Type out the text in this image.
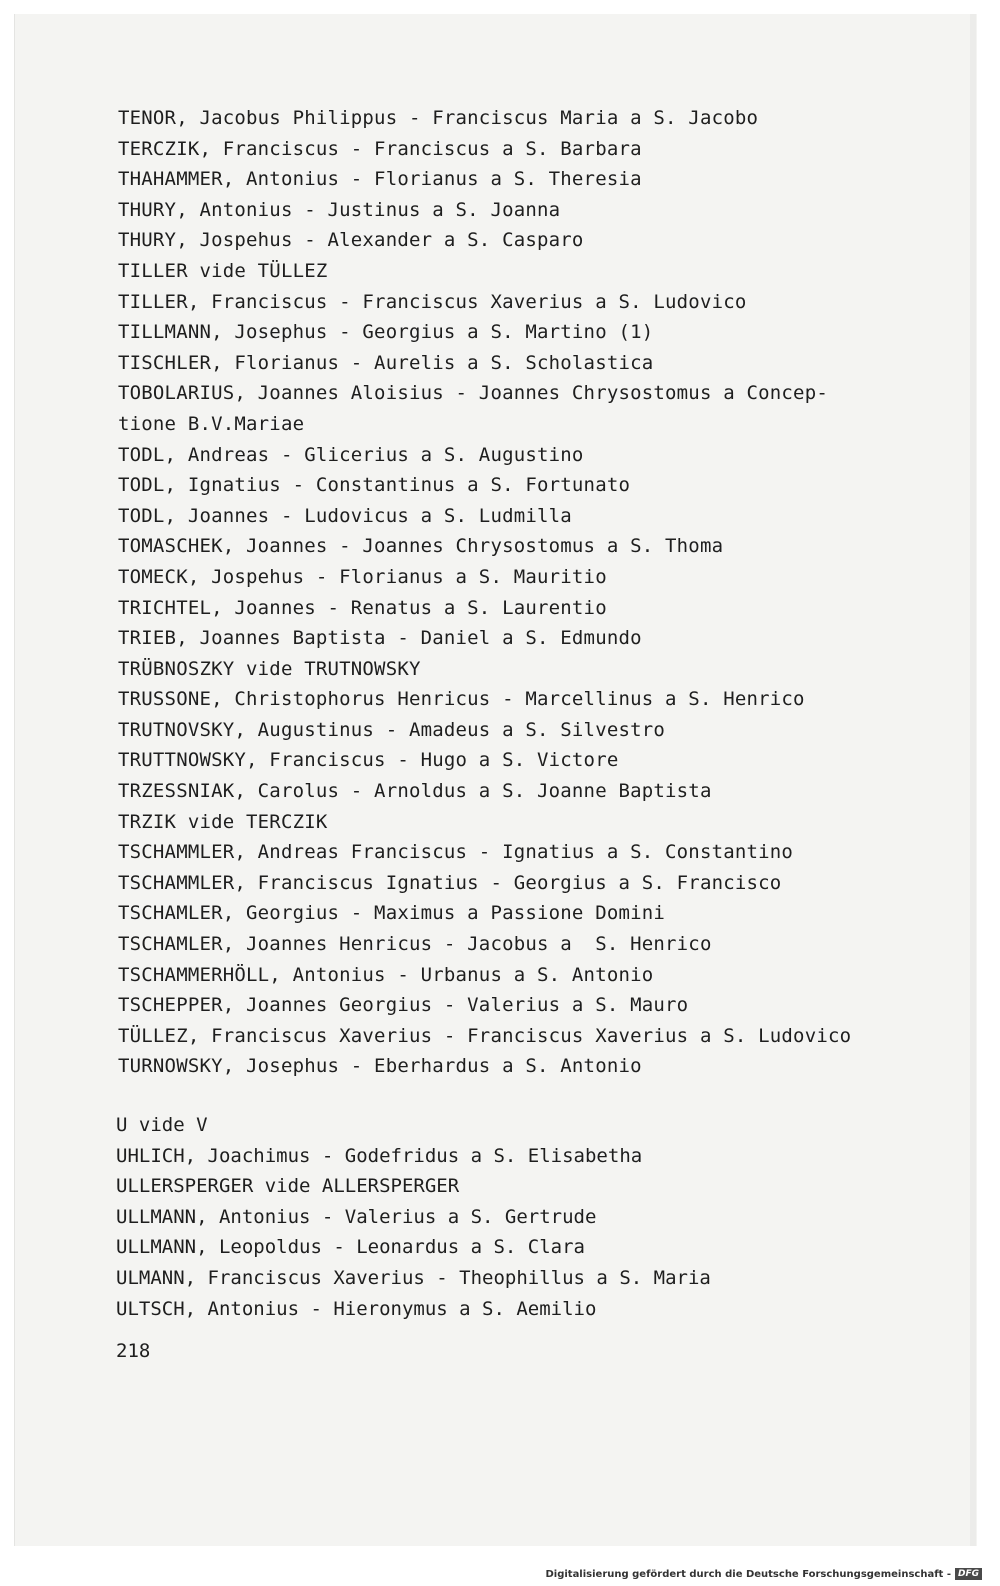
TENOR, Jacobus Philippus - Franciscus Maria a S. Jacobo
TERCZIK, Franciscus - Franciscus a S. Barbara
THAHAMMER, Antonius - Florianus a S. Theresia
THURY, Antonius - Justinus a S. Joanna
THURY, Jospehus - Alexander a S. Casparo
TILLER vide TÜLLEZ
TILLER, Franciscus - Franciscus Xaverius a S. Ludovico
TILLMANN, Josephus - Georgius a S. Martino (1)
TISCHLER, Florianus - Aurelis a S. Scholastica
TOBOLARIUS, Joannes Aloisius - Joannes Chrysostomus a Concep-
tione B.V.Mariae
TODL, Andreas - Glicerius a S. Augustino
TODL, Ignatius - Constantinus a S. Fortunato
TODL, Joannes - Ludovicus a S. Ludmilla
TOMASCHEK, Joannes - Joannes Chrysostomus a S. Thoma
TOMECK, Jospehus - Florianus a S. Mauritio
TRICHTEL, Joannes - Renatus a S. Laurentio
TRIEB, Joannes Baptista - Daniel a S. Edmundo
TRÜBNOSZKY vide TRUTNOWSKY
TRUSSONE, Christophorus Henricus - Marcellinus a S. Henrico
TRUTNOVSKY, Augustinus - Amadeus a S. Silvestro
TRUTTNOWSKY, Franciscus - Hugo a S. Victore
TRZESSNIAK, Carolus - Arnoldus a S. Joanne Baptista
TRZIK vide TERCZIK
TSCHAMMLER, Andreas Franciscus - Ignatius a S. Constantino
TSCHAMMLER, Franciscus Ignatius - Georgius a S. Francisco
TSCHAMLER, Georgius - Maximus a Passione Domini
TSCHAMLER, Joannes Henricus - Jacobus a  S. Henrico
TSCHAMMERHÖLL, Antonius - Urbanus a S. Antonio
TSCHEPPER, Joannes Georgius - Valerius a S. Mauro
TÜLLEZ, Franciscus Xaverius - Franciscus Xaverius a S. Ludovico
TURNOWSKY, Josephus - Eberhardus a S. Antonio
U vide V
UHLICH, Joachimus - Godefridus a S. Elisabetha
ULLERSPERGER vide ALLERSPERGER
ULLMANN, Antonius - Valerius a S. Gertrude
ULLMANN, Leopoldus - Leonardus a S. Clara
ULMANN, Franciscus Xaverius - Theophillus a S. Maria
ULTSCH, Antonius - Hieronymus a S. Aemilio
218
Digitalisierung gefördert durch die Deutsche Forschungsgemeinschaft - DFG
